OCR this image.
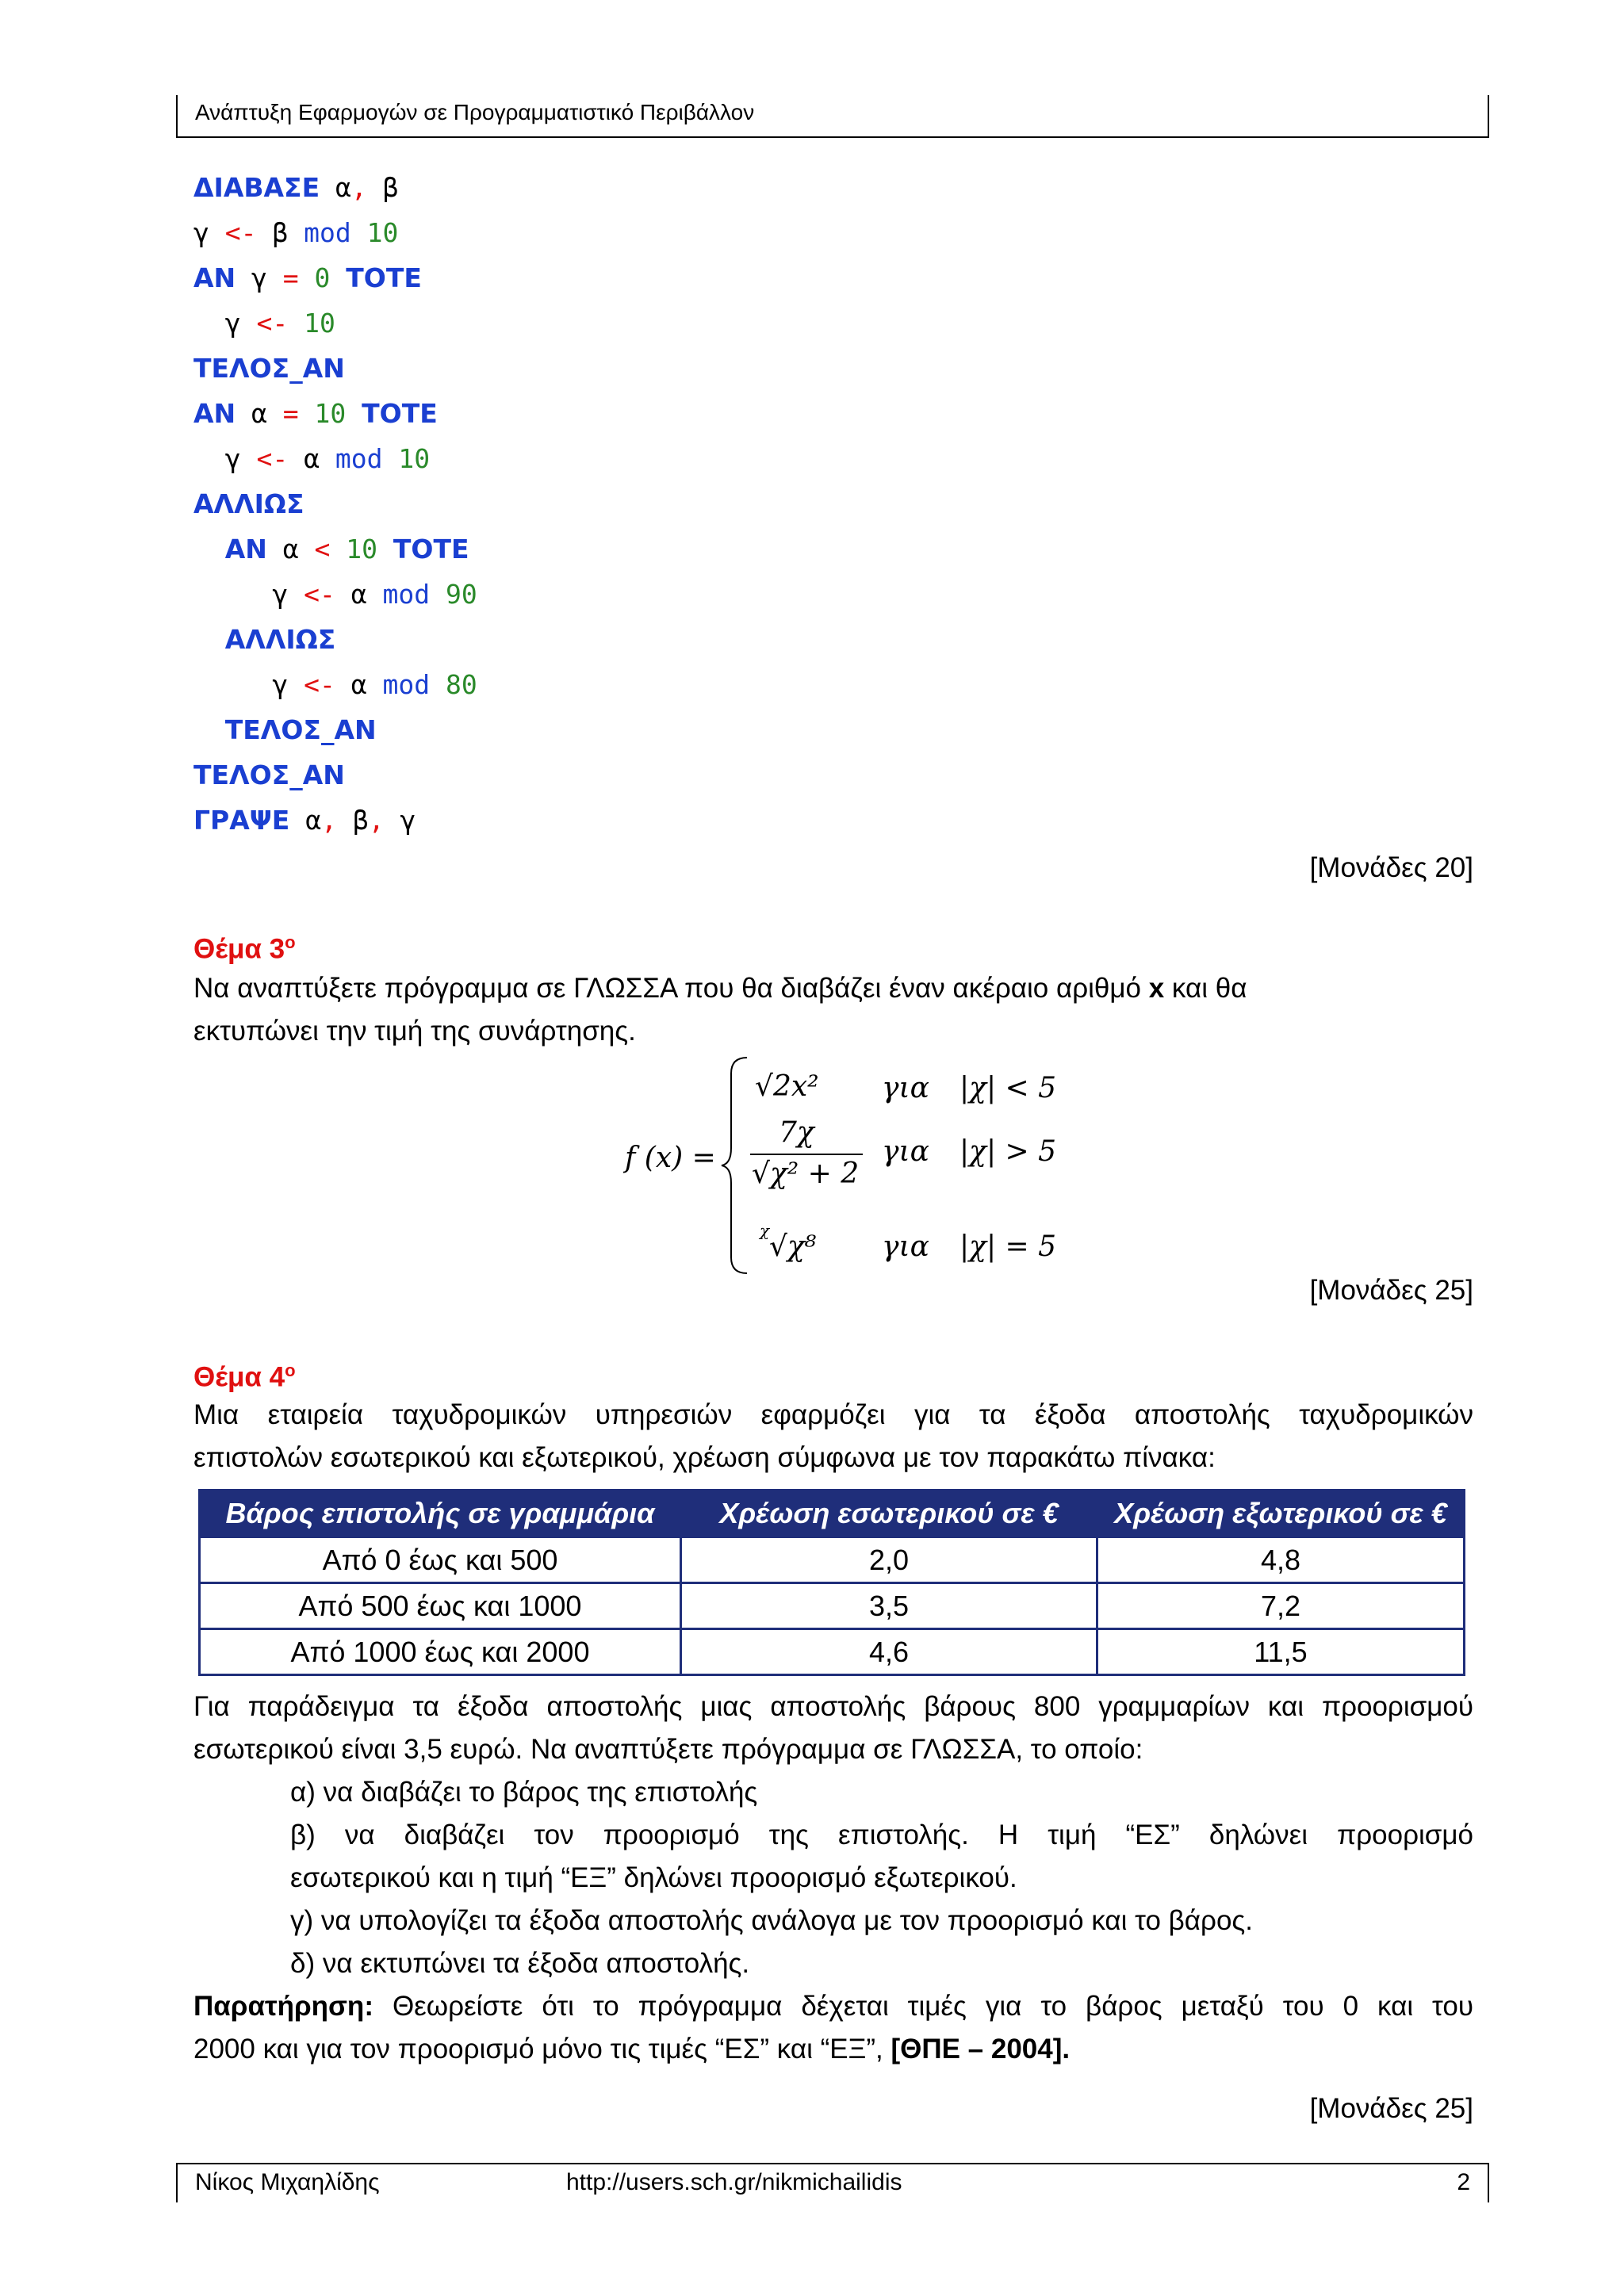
Ανάπτυξη Εφαρμογών σε Προγραμματιστικό Περιβάλλον
ΔΙΑΒΑΣΕ α, β
γ <- β mod 10
ΑΝ γ = 0 ΤΟΤΕ
γ <- 10
ΤΕΛΟΣ_ΑΝ
ΑΝ α = 10 ΤΟΤΕ
γ <- α mod 10
ΑΛΛΙΩΣ
ΑΝ α < 10 ΤΟΤΕ
γ <- α mod 90
ΑΛΛΙΩΣ
γ <- α mod 80
ΤΕΛΟΣ_ΑΝ
ΤΕΛΟΣ_ΑΝ
ΓΡΑΨΕ α, β, γ
[Μονάδες 20]
Θέμα $3^o$
Να αναπτύξετε πρόγραμμα σε ΓΛΩΣΣΑ που θα διαβάζει έναν ακέραιο αριθμό x και θα
εκτυπώνει την τιμή της συνάρτησης.
f (x) =
√2x²
7χ
√χ² + 2
χ √χ⁸
για
για
για
|χ| < 5
|χ| > 5
|χ| = 5
[Μονάδες 25]
Θέμα $4^o$
Μια εταιρεία ταχυδρομικών υπηρεσιών εφαρμόζει για τα έξοδα αποστολής ταχυδρομικών
επιστολών εσωτερικού και εξωτερικού, χρέωση σύμφωνα με τον παρακάτω πίνακα:
Βάρος επιστολής σε γραμμάρια	Χρέωση εσωτερικού σε €	Χρέωση εξωτερικού σε €
Από 0 έως και 500	2,0	4,8
Από 500 έως και 1000	3,5	7,2
Από 1000 έως και 2000	4,6	11,5
Για παράδειγμα τα έξοδα αποστολής μιας αποστολής βάρους 800 γραμμαρίων και προορισμού
εσωτερικού είναι 3,5 ευρώ. Να αναπτύξετε πρόγραμμα σε ΓΛΩΣΣΑ, το οποίο:
α) να διαβάζει το βάρος της επιστολής
β) να διαβάζει τον προορισμό της επιστολής. Η τιμή “ΕΣ” δηλώνει προορισμό
εσωτερικού και η τιμή “ΕΞ” δηλώνει προορισμό εξωτερικού.
γ) να υπολογίζει τα έξοδα αποστολής ανάλογα με τον προορισμό και το βάρος.
δ) να εκτυπώνει τα έξοδα αποστολής.
Παρατήρηση: Θεωρείστε ότι το πρόγραμμα δέχεται τιμές για το βάρος μεταξύ του 0 και του
2000 και για τον προορισμό μόνο τις τιμές “ΕΣ” και “ΕΞ”, [ΘΠΕ – 2004].
[Μονάδες 25]
Νίκος Μιχαηλίδης	http://users.sch.gr/nikmichailidis	2
